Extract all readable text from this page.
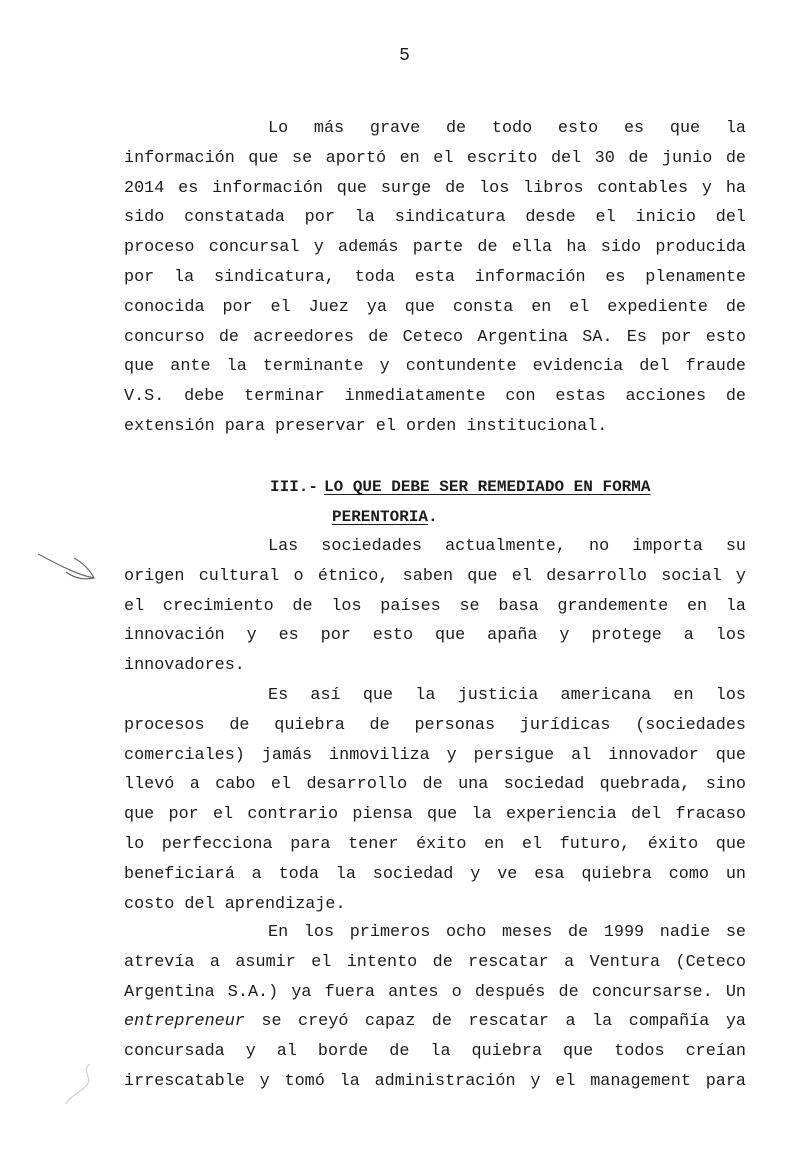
5
Lo más grave de todo esto es que la
información que se aportó en el escrito del 30 de junio de
2014 es información que surge de los libros contables y ha
sido constatada por la sindicatura desde el inicio del
proceso concursal y además parte de ella ha sido producida
por la sindicatura, toda esta información es plenamente
conocida por el Juez ya que consta en el expediente de
concurso de acreedores de Ceteco Argentina SA. Es por esto
que ante la terminante y contundente evidencia del fraude
V.S. debe terminar inmediatamente con estas acciones de
extensión para preservar el orden institucional.
III.- LO QUE DEBE SER REMEDIADO EN FORMA
PERENTORIA.
Las sociedades actualmente, no importa su
origen cultural o étnico, saben que el desarrollo social y
el crecimiento de los países se basa grandemente en la
innovación y es por esto que apaña y protege a los
innovadores.
Es así que la justicia americana en los
procesos de quiebra de personas jurídicas (sociedades
comerciales) jamás inmoviliza y persigue al innovador que
llevó a cabo el desarrollo de una sociedad quebrada, sino
que por el contrario piensa que la experiencia del fracaso
lo perfecciona para tener éxito en el futuro, éxito que
beneficiará a toda la sociedad y ve esa quiebra como un
costo del aprendizaje.
En los primeros ocho meses de 1999 nadie se
atrevía a asumir el intento de rescatar a Ventura (Ceteco
Argentina S.A.) ya fuera antes o después de concursarse. Un
entrepreneur se creyó capaz de rescatar a la compañía ya
concursada y al borde de la quiebra que todos creían
irrescatable y tomó la administración y el management para
